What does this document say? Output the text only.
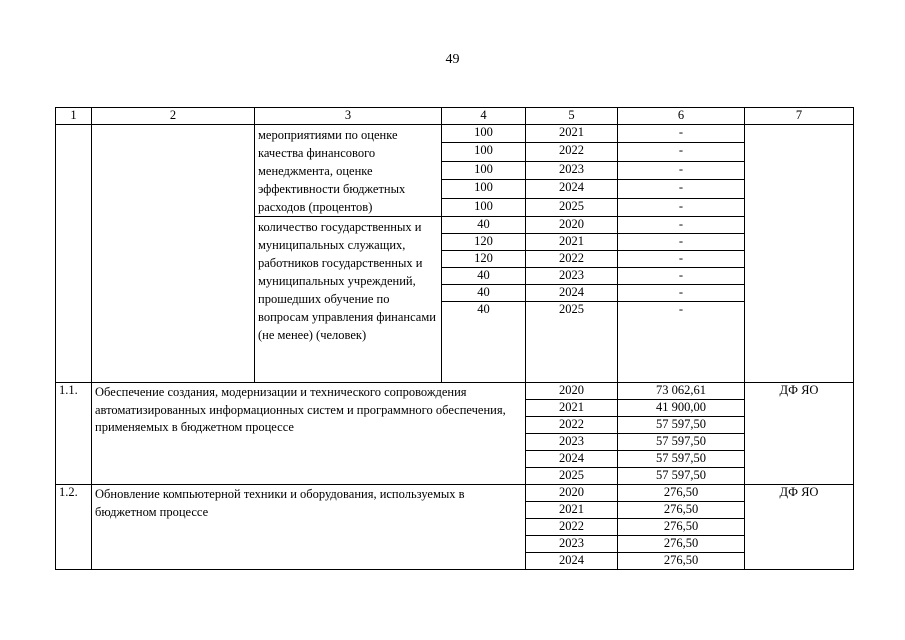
49
1	2	3	4	5	6	7
		мероприятиями по оценке качества финансового менеджмента, оценке эффективности бюджетных расходов (процентов)	100	2021	-	
			100	2022	-	
			100	2023	-	
			100	2024	-	
			100	2025	-	
		количество государственных и муниципальных служащих, работников государственных и муниципальных учреждений, прошедших обучение по вопросам управления финансами (не менее) (человек)	40	2020	-	
			120	2021	-	
			120	2022	-	
			40	2023	-	
			40	2024	-	
			40	2025	-	
1.1.	Обеспечение создания, модернизации и технического сопровождения автоматизированных информационных систем и программного обеспечения, применяемых в бюджетном процессе			2020	73 062,61	ДФ ЯО
				2021	41 900,00	
				2022	57 597,50	
				2023	57 597,50	
				2024	57 597,50	
				2025	57 597,50	
1.2.	Обновление компьютерной техники и оборудования, используемых в бюджетном процессе			2020	276,50	ДФ ЯО
				2021	276,50	
				2022	276,50	
				2023	276,50	
				2024	276,50	
